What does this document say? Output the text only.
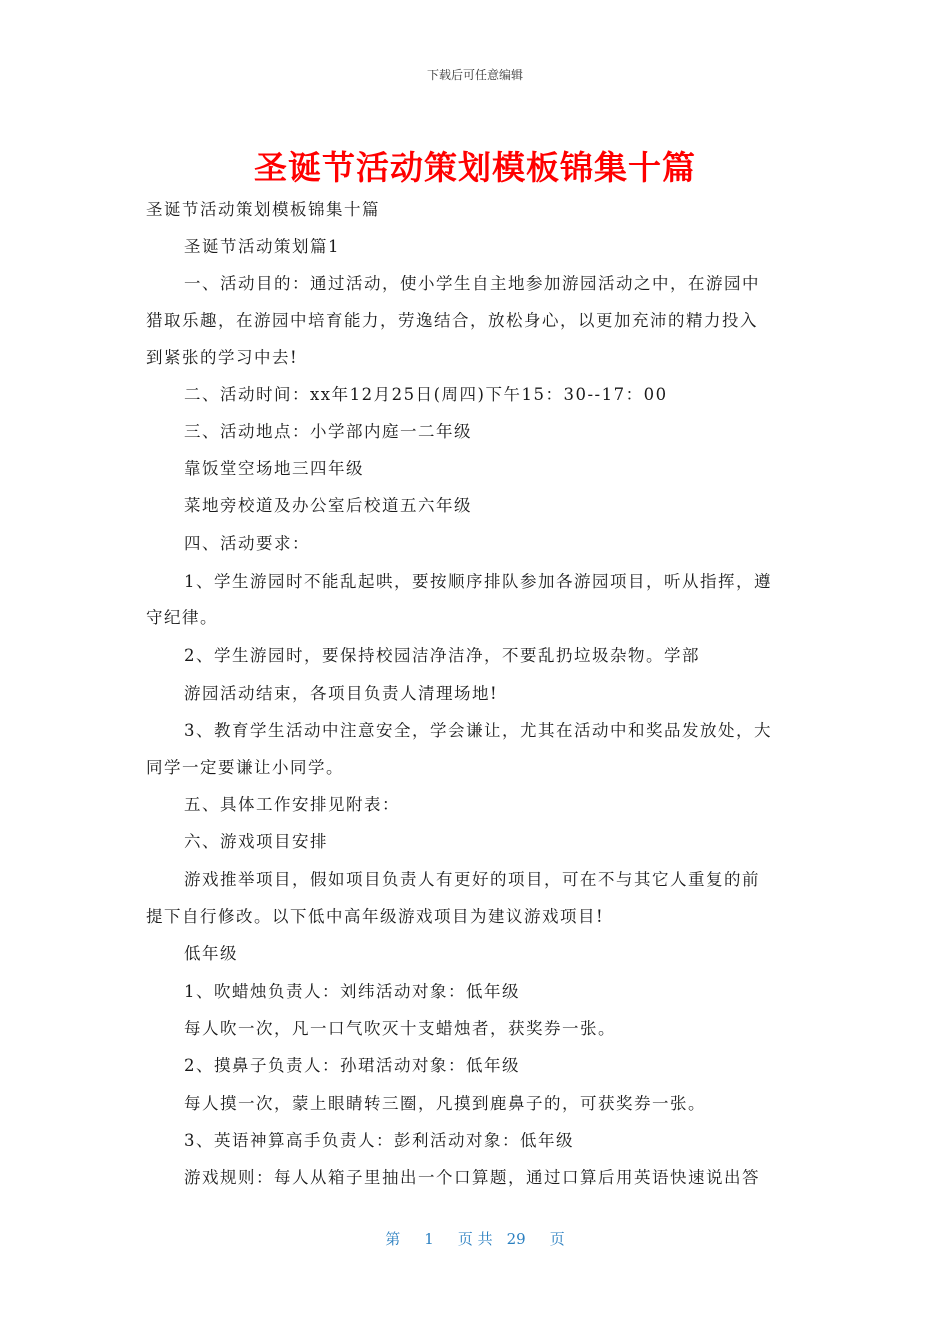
下载后可任意编辑
圣诞节活动策划模板锦集十篇
圣诞节活动策划模板锦集十篇
圣诞节活动策划篇1
一、活动目的：通过活动，使小学生自主地参加游园活动之中，在游园中
猎取乐趣，在游园中培育能力，劳逸结合，放松身心，以更加充沛的精力投入
到紧张的学习中去!
二、活动时间：xx年12月25日(周四)下午15：30--17：00
三、活动地点：小学部内庭一二年级
靠饭堂空场地三四年级
菜地旁校道及办公室后校道五六年级
四、活动要求：
1、学生游园时不能乱起哄，要按顺序排队参加各游园项目，听从指挥，遵
守纪律。
2、学生游园时，要保持校园洁净洁净，不要乱扔垃圾杂物。学部
游园活动结束，各项目负责人清理场地!
3、教育学生活动中注意安全，学会谦让，尤其在活动中和奖品发放处，大
同学一定要谦让小同学。
五、具体工作安排见附表：
六、游戏项目安排
游戏推举项目，假如项目负责人有更好的项目，可在不与其它人重复的前
提下自行修改。以下低中高年级游戏项目为建议游戏项目!
低年级
1、吹蜡烛负责人：刘纬活动对象：低年级
每人吹一次，凡一口气吹灭十支蜡烛者，获奖券一张。
2、摸鼻子负责人：孙珺活动对象：低年级
每人摸一次，蒙上眼睛转三圈，凡摸到鹿鼻子的，可获奖券一张。
3、英语神算高手负责人：彭利活动对象：低年级
游戏规则：每人从箱子里抽出一个口算题，通过口算后用英语快速说出答
第 1 页 共 29 页
